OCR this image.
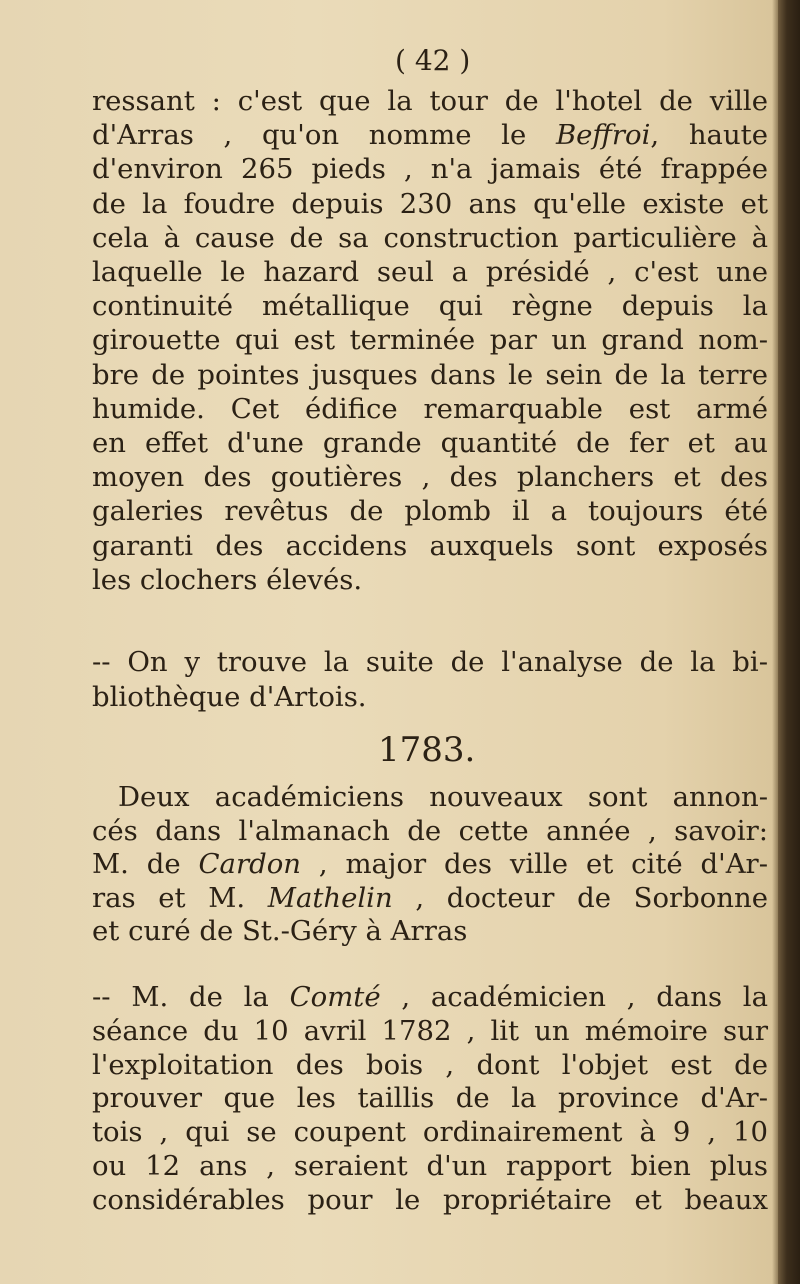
( 42 )
ressant : c'est que la tour de l'hotel de ville
d'Arras , qu'on nomme le Beffroi, haute
d'environ 265 pieds , n'a jamais été frappée
de la foudre depuis 230 ans qu'elle existe et
cela à cause de sa construction particulière à
laquelle le hazard seul a présidé , c'est une
continuité métallique qui règne depuis la
girouette qui est terminée par un grand nom-
bre de pointes jusques dans le sein de la terre
humide. Cet édifice remarquable est armé
en effet d'une grande quantité de fer et au
moyen des goutières , des planchers et des
galeries revêtus de plomb il a toujours été
garanti des accidens auxquels sont exposés
les clochers élevés.
-- On y trouve la suite de l'analyse de la bi-
bliothèque d'Artois.
Deux académiciens nouveaux sont annon-
cés dans l'almanach de cette année , savoir:
M. de Cardon , major des ville et cité d'Ar-
ras et M. Mathelin , docteur de Sorbonne
et curé de St.-Géry à Arras
-- M. de la Comté , académicien , dans la
séance du 10 avril 1782 , lit un mémoire sur
l'exploitation des bois , dont l'objet est de
prouver que les taillis de la province d'Ar-
tois , qui se coupent ordinairement à 9 , 10
ou 12 ans , seraient d'un rapport bien plus
considérables pour le propriétaire et beaux
1783.
